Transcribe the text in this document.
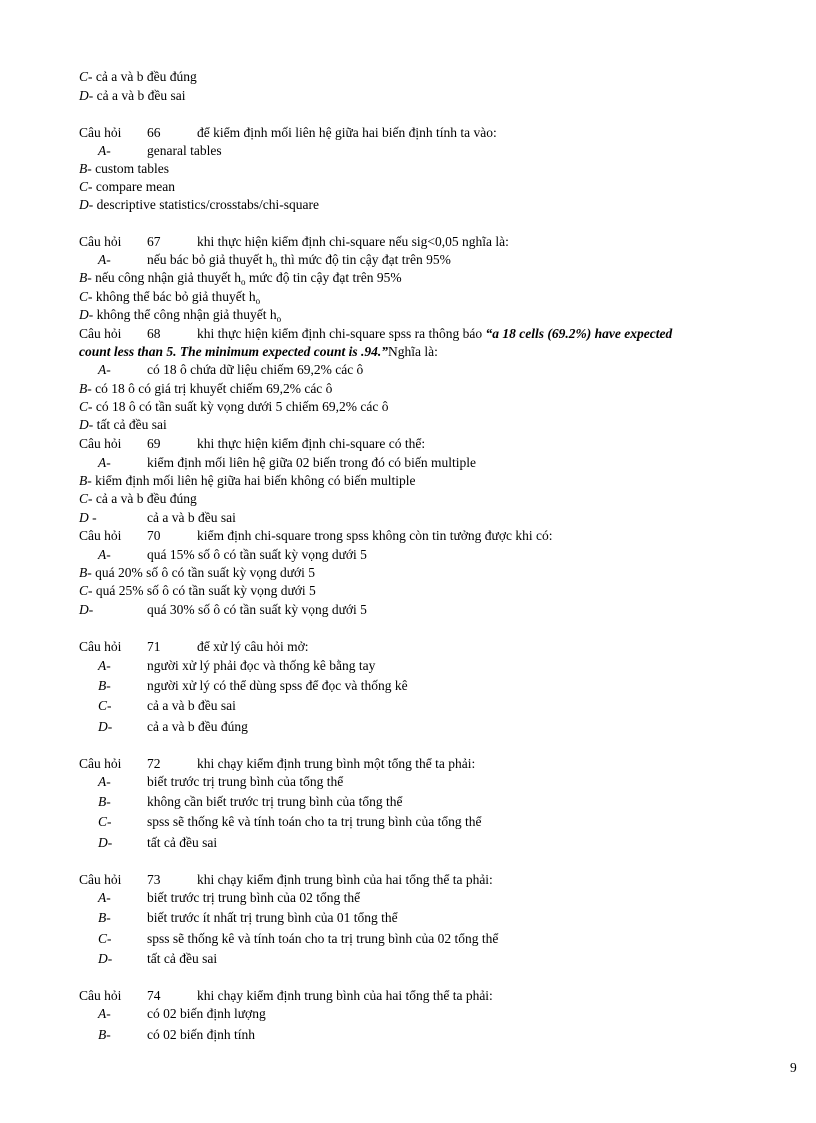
C- cả a và b đều đúng
D- cả a và b đều sai
Câu hỏi 66	để kiểm định mối liên hệ giữa hai biến định tính ta vào:
A-	genaral tables
B- custom tables
C- compare mean
D- descriptive statistics/crosstabs/chi-square
Câu hỏi 67	khi thực hiện kiểm định chi-square nếu sig<0,05 nghĩa là:
A-	nếu bác bỏ giả thuyết $h_o$ thì mức độ tin cậy đạt trên 95%
B- nếu công nhận giả thuyết $h_o$ mức độ tin cậy đạt trên 95%
C- không thể bác bỏ giả thuyết $h_o$
D- không thể công nhận giả thuyết $h_o$
Câu hỏi 68	khi thực hiện kiểm định chi-square spss ra thông báo “a 18 cells (69.2%) have expected
count less than 5. The minimum expected count is .94.”Nghĩa là:
A-	có 18 ô chứa dữ liệu chiếm 69,2% các ô
B- có 18 ô có giá trị khuyết chiếm 69,2% các ô
C- có 18 ô có tần suất kỳ vọng dưới 5 chiếm 69,2% các ô
D- tất cả đều sai
Câu hỏi 69	khi thực hiện kiểm định chi-square có thể:
A-	kiểm định mối liên hệ giữa 02 biến trong đó có biến multiple
B- kiểm định mối liên hệ giữa hai biến không có biến multiple
C- cả a và b đều đúng
D -	cả a và b đều sai
Câu hỏi 70	kiểm định chi-square trong spss không còn tin tưởng được khi có:
A-	quá 15% số ô có tần suất kỳ vọng dưới 5
B- quá 20% số ô có tần suất kỳ vọng dưới 5
C- quá 25% số ô có tần suất kỳ vọng dưới 5
D-	quá 30% số ô có tần suất kỳ vọng dưới 5
Câu hỏi 71	để xử lý câu hỏi mở:
A-	người xử lý phải đọc và thống kê bằng tay
B-	người xử lý có thể dùng spss để đọc và thống kê
C-	cả a và b đều sai
D-	cả a và b đều đúng
Câu hỏi 72	khi chạy kiểm định trung bình một tổng thể ta phải:
A-	biết trước trị trung bình của tổng thể
B-	không cần biết trước trị trung bình của tổng thể
C-	spss sẽ thống kê và tính toán cho ta trị trung bình của tổng thể
D-	tất cả đều sai
Câu hỏi 73	khi chạy kiểm định trung bình của hai tổng thể ta phải:
A-	biết trước trị trung bình của 02 tổng thể
B-	biết trước ít nhất trị trung bình của 01 tổng thể
C-	spss sẽ thống kê và tính toán cho ta trị trung bình của 02 tổng thể
D-	tất cả đều sai
Câu hỏi 74	khi chạy kiểm định trung bình của hai tổng thể ta phải:
A-	có 02 biến định lượng
B-	có 02 biến định tính
9
